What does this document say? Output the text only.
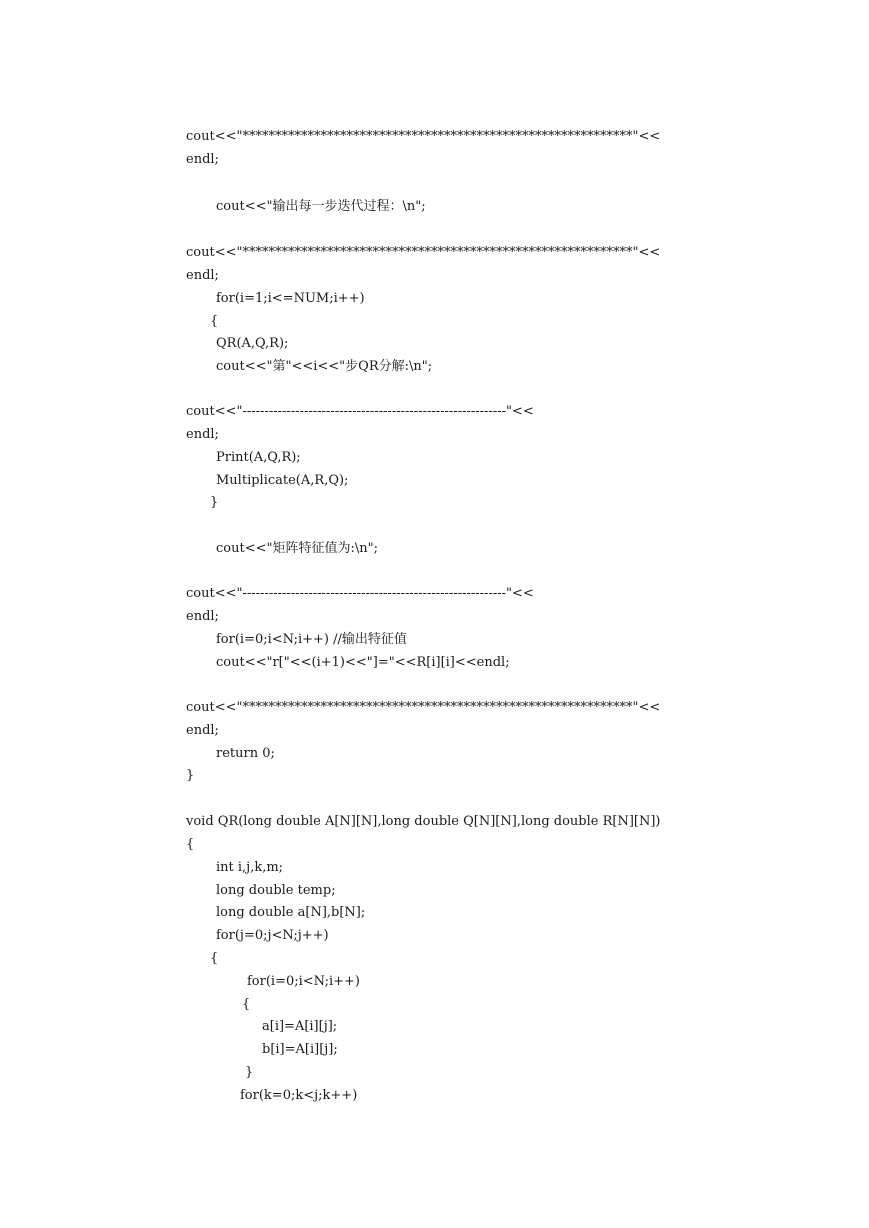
cout<<"************************************************************"<<
endl;
cout<<"输出每一步迭代过程：\n";
cout<<"************************************************************"<<
endl;
for(i=1;i<=NUM;i++)
{
QR(A,Q,R);
cout<<"第"<<i<<"步QR分解:\n";
cout<<"------------------------------------------------------------"<<
endl;
Print(A,Q,R);
Multiplicate(A,R,Q);
}
cout<<"矩阵特征值为:\n";
cout<<"------------------------------------------------------------"<<
endl;
for(i=0;i<N;i++) //输出特征值
cout<<"r["<<(i+1)<<"]="<<R[i][i]<<endl;
cout<<"************************************************************"<<
endl;
return 0;
}
void QR(long double A[N][N],long double Q[N][N],long double R[N][N])
{
int i,j,k,m;
long double temp;
long double a[N],b[N];
for(j=0;j<N;j++)
{
for(i=0;i<N;i++)
{
a[i]=A[i][j];
b[i]=A[i][j];
}
for(k=0;k<j;k++)
